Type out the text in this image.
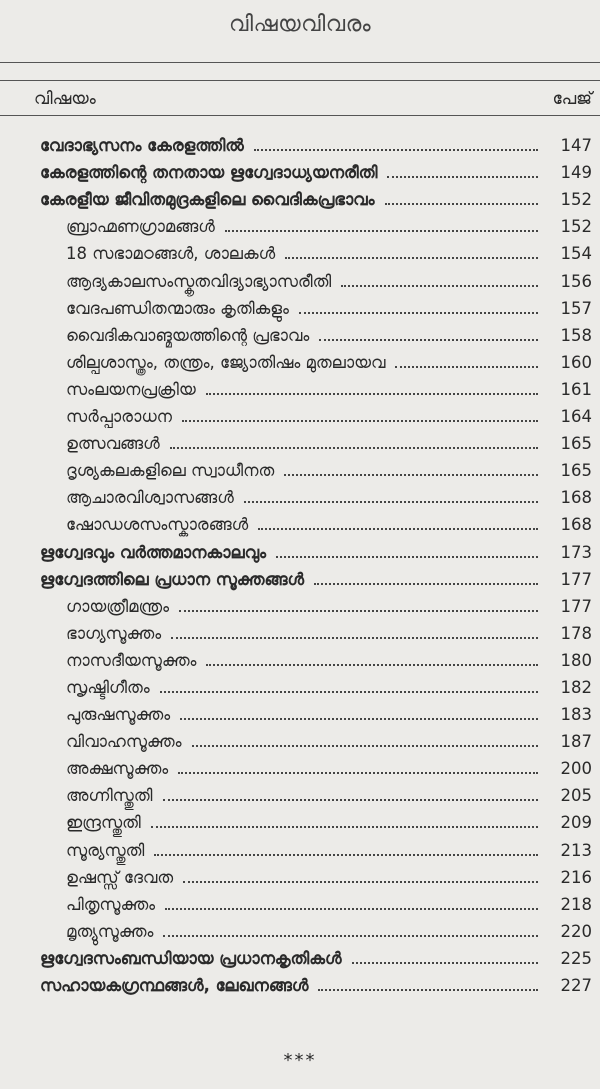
വിഷയവിവരം
വിഷയം	പേജ്
വേദാഭ്യസനം കേരളത്തിൽ	147
കേരളത്തിന്റെ തനതായ ഋഗ്വേദാധ്യയനരീതി	149
കേരളീയ ജീവിതമുദ്രകളിലെ വൈദികപ്രഭാവം	152
ബ്രാഹ്മണഗ്രാമങ്ങൾ	152
18 സഭാമഠങ്ങൾ, ശാലകൾ	154
ആദ്യകാലസംസ്കൃതവിദ്യാഭ്യാസരീതി	156
വേദപണ്ഡിതന്മാരും കൃതികളും	157
വൈദികവാങ്മയത്തിന്റെ പ്രഭാവം	158
ശില്പശാസ്ത്രം, തന്ത്രം, ജ്യോതിഷം മുതലായവ	160
സംലയനപ്രക്രിയ	161
സർപ്പാരാധന	164
ഉത്സവങ്ങൾ	165
ദൃശ്യകലകളിലെ സ്വാധീനത	165
ആചാരവിശ്വാസങ്ങൾ	168
ഷോഡശസംസ്കാരങ്ങൾ	168
ഋഗ്വേദവും വർത്തമാനകാലവും	173
ഋഗ്വേദത്തിലെ പ്രധാന സൂക്തങ്ങൾ	177
ഗായത്രീമന്ത്രം	177
ഭാഗ്യസൂക്തം	178
നാസദീയസൂക്തം	180
സൃഷ്ടിഗീതം	182
പുരുഷസൂക്തം	183
വിവാഹസൂക്തം	187
അക്ഷസൂക്തം	200
അഗ്നിസ്തുതി	205
ഇന്ദ്രസ്തുതി	209
സൂര്യസ്തുതി	213
ഉഷസ്സ് ദേവത	216
പിതൃസൂക്തം	218
മൃത്യുസൂക്തം	220
ഋഗ്വേദസംബന്ധിയായ പ്രധാനകൃതികൾ	225
സഹായകഗ്രന്ഥങ്ങൾ, ലേഖനങ്ങൾ	227
***
